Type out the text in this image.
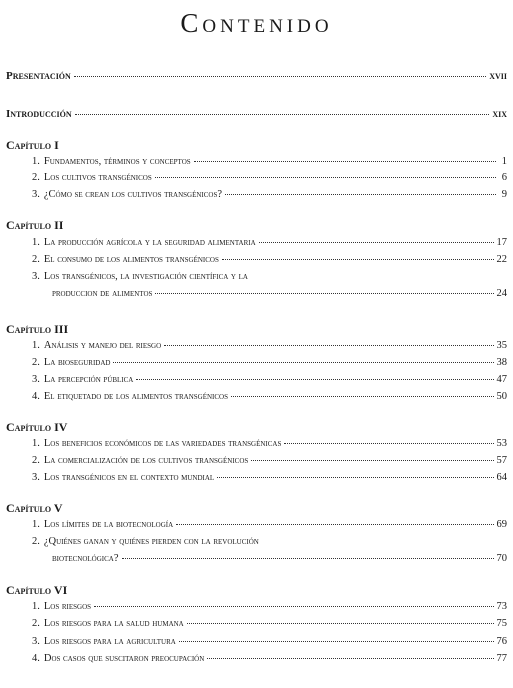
Contenido
Presentación	xvii
Introducción	xix
Capítulo I
1. Fundamentos, términos y conceptos	1
2. Los cultivos transgénicos	6
3. ¿Cómo se crean los cultivos transgénicos?	9
Capítulo II
1. La producción agrícola y la seguridad alimentaria	17
2. El consumo de los alimentos transgénicos	22
3. Los transgénicos, la investigación científica y la
produccion de alimentos	24
Capítulo III
1. Análisis y manejo del riesgo	35
2. La bioseguridad	38
3. La percepción pública	47
4. El etiquetado de los alimentos transgénicos	50
Capítulo IV
1. Los beneficios económicos de las variedades transgénicas	53
2. La comercialización de los cultivos transgénicos	57
3. Los transgénicos en el contexto mundial	64
Capítulo V
1. Los límites de la biotecnología	69
2. ¿Quiénes ganan y quiénes pierden con la revolución
biotecnológica?	70
Capítulo VI
1. Los riesgos	73
2. Los riesgos para la salud humana	75
3. Los riesgos para la agricultura	76
4. Dos casos que suscitaron preocupación	77
